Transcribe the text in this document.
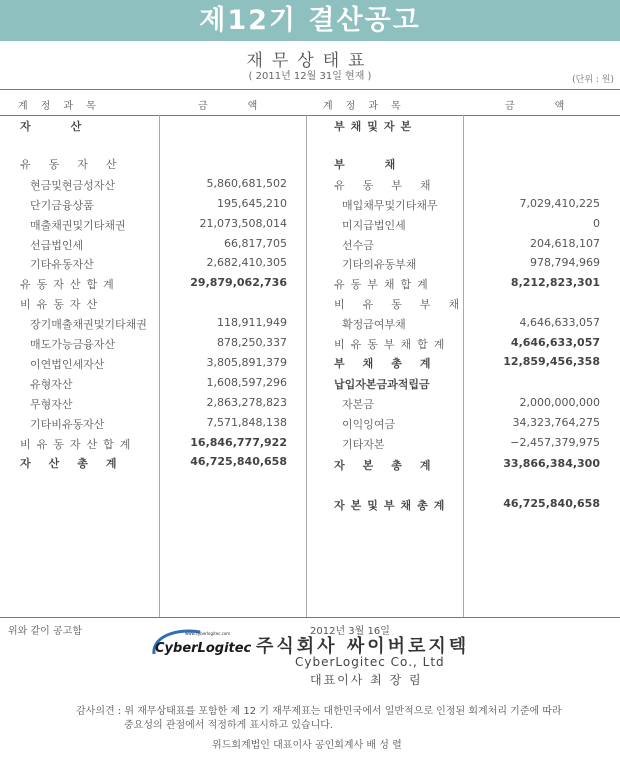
제12기 결산공고
재무상태표
( 2011년 12월 31일 현재 )	(단위 : 원)
계정과목	금액	계정과목	금액
자산
유동자산
현금및현금성자산	5,860,681,502
단기금융상품	195,645,210
매출채권및기타채권	21,073,508,014
선급법인세	66,817,705
기타유동자산	2,682,410,305
유동자산합계	29,879,062,736
비유동자산
장기매출채권및기타채권	118,911,949
매도가능금융자산	878,250,337
이연법인세자산	3,805,891,379
유형자산	1,608,597,296
무형자산	2,863,278,823
기타비유동자산	7,571,848,138
비유동자산합계	16,846,777,922
자산총계	46,725,840,658
부채및자본
부채
유동부채
매입채무및기타채무	7,029,410,225
미지급법인세	0
선수금	204,618,107
기타의유동부채	978,794,969
유동부채합계	8,212,823,301
비유동부채
확정급여부채	4,646,633,057
비유동부채합계	4,646,633,057
부채총계	12,859,456,358
납입자본금과적립금
자본금	2,000,000,000
이익잉여금	34,323,764,275
기타자본	−2,457,379,975
자본총계	33,866,384,300
자본및부채총계	46,725,840,658
위와 같이 공고함	2012년 3월 16일
www.cyberlogitec.com
CyberLogitec 주식회사 싸이버로지텍
CyberLogitec Co., Ltd
대표이사 최 장 림
감사의견 : 위 재무상태표를 포함한 제 12 기 재무제표는 대한민국에서 일반적으로 인정된 회계처리 기준에 따라
중요성의 관점에서 적정하게 표시하고 있습니다.
위드회계법인 대표이사 공인회계사 배 성 렬
